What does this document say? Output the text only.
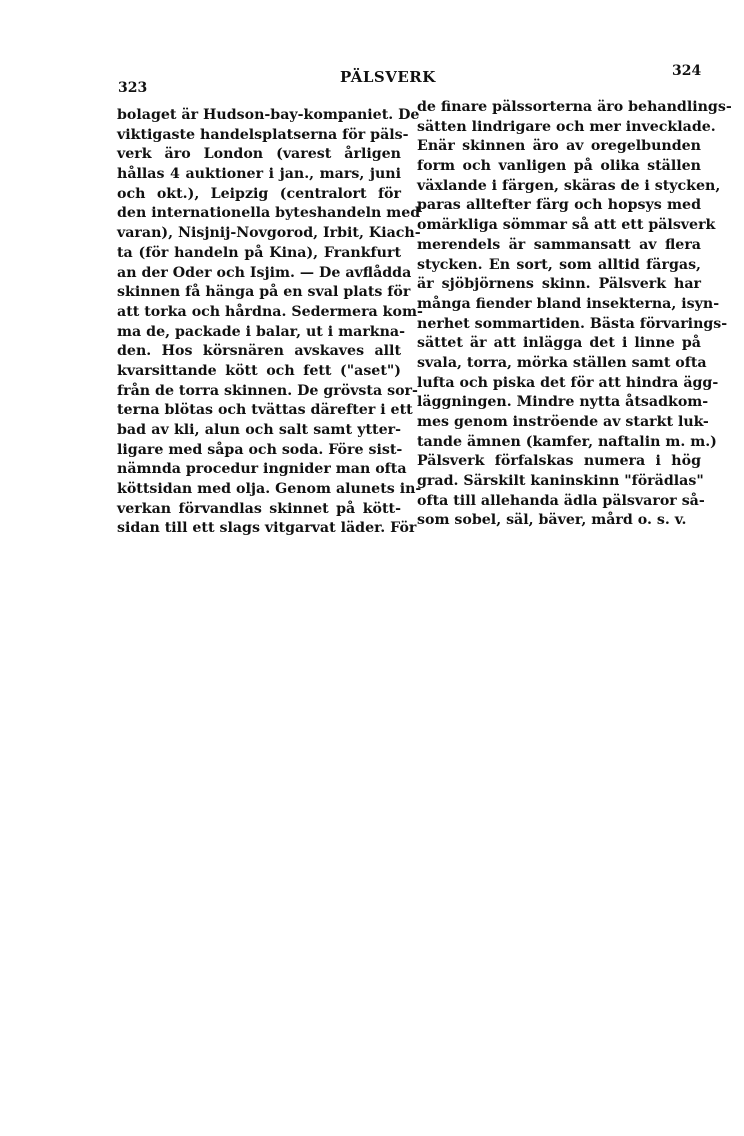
323
PÄLSVERK	324
bolaget är Hudson-bay-kompaniet. De
viktigaste handelsplatserna för päls-
verk äro London (varest årligen
hållas 4 auktioner i jan., mars, juni
och okt.), Leipzig (centralort för
den internationella byteshandeln med
varan), Nisjnij-Novgorod, Irbit, Kiach-
ta (för handeln på Kina), Frankfurt
an der Oder och Isjim. — De avflådda
skinnen få hänga på en sval plats för
att torka och hårdna. Sedermera kom-
ma de, packade i balar, ut i markna-
den. Hos körsnären avskaves allt
kvarsittande kött och fett ("aset")
från de torra skinnen. De grövsta sor-
terna blötas och tvättas därefter i ett
bad av kli, alun och salt samt ytter-
ligare med såpa och soda. Före sist-
nämnda procedur ingnider man ofta
köttsidan med olja. Genom alunets in-
verkan förvandlas skinnet på kött-
sidan till ett slags vitgarvat läder. För
de finare pälssorterna äro behandlings-
sätten lindrigare och mer invecklade.
Enär skinnen äro av oregelbunden
form och vanligen på olika ställen
växlande i färgen, skäras de i stycken,
paras alltefter färg och hopsys med
omärkliga sömmar så att ett pälsverk
merendels är sammansatt av flera
stycken. En sort, som alltid färgas,
är sjöbjörnens skinn. Pälsverk har
många fiender bland insekterna, isyn-
nerhet sommartiden. Bästa förvarings-
sättet är att inlägga det i linne på
svala, torra, mörka ställen samt ofta
lufta och piska det för att hindra ägg-
läggningen. Mindre nytta åtsadkom-
mes genom inströende av starkt luk-
tande ämnen (kamfer, naftalin m. m.)
Pälsverk förfalskas numera i hög
grad. Särskilt kaninskinn "förädlas"
ofta till allehanda ädla pälsvaror så-
som sobel, säl, bäver, mård o. s. v.
